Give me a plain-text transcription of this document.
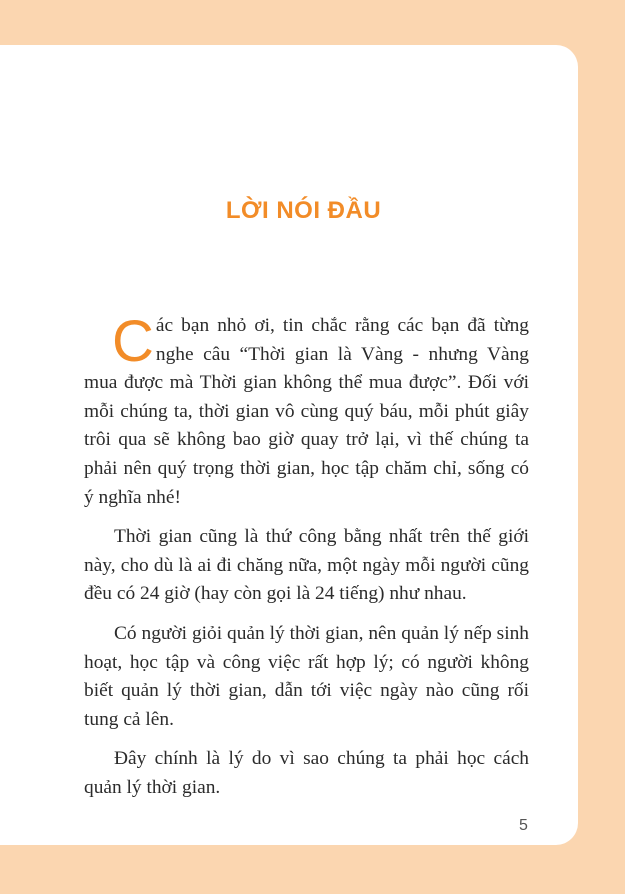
LỜI NÓI ĐẦU

Các bạn nhỏ ơi, tin chắc rằng các bạn đã từng nghe câu “Thời gian là Vàng - nhưng Vàng mua được mà Thời gian không thể mua được”. Đối với mỗi chúng ta, thời gian vô cùng quý báu, mỗi phút giây trôi qua sẽ không bao giờ quay trở lại, vì thế chúng ta phải nên quý trọng thời gian, học tập chăm chỉ, sống có ý nghĩa nhé!

Thời gian cũng là thứ công bằng nhất trên thế giới này, cho dù là ai đi chăng nữa, một ngày mỗi người cũng đều có 24 giờ (hay còn gọi là 24 tiếng) như nhau.

Có người giỏi quản lý thời gian, nên quản lý nếp sinh hoạt, học tập và công việc rất hợp lý; có người không biết quản lý thời gian, dẫn tới việc ngày nào cũng rối tung cả lên.

Đây chính là lý do vì sao chúng ta phải học cách quản lý thời gian.

5
